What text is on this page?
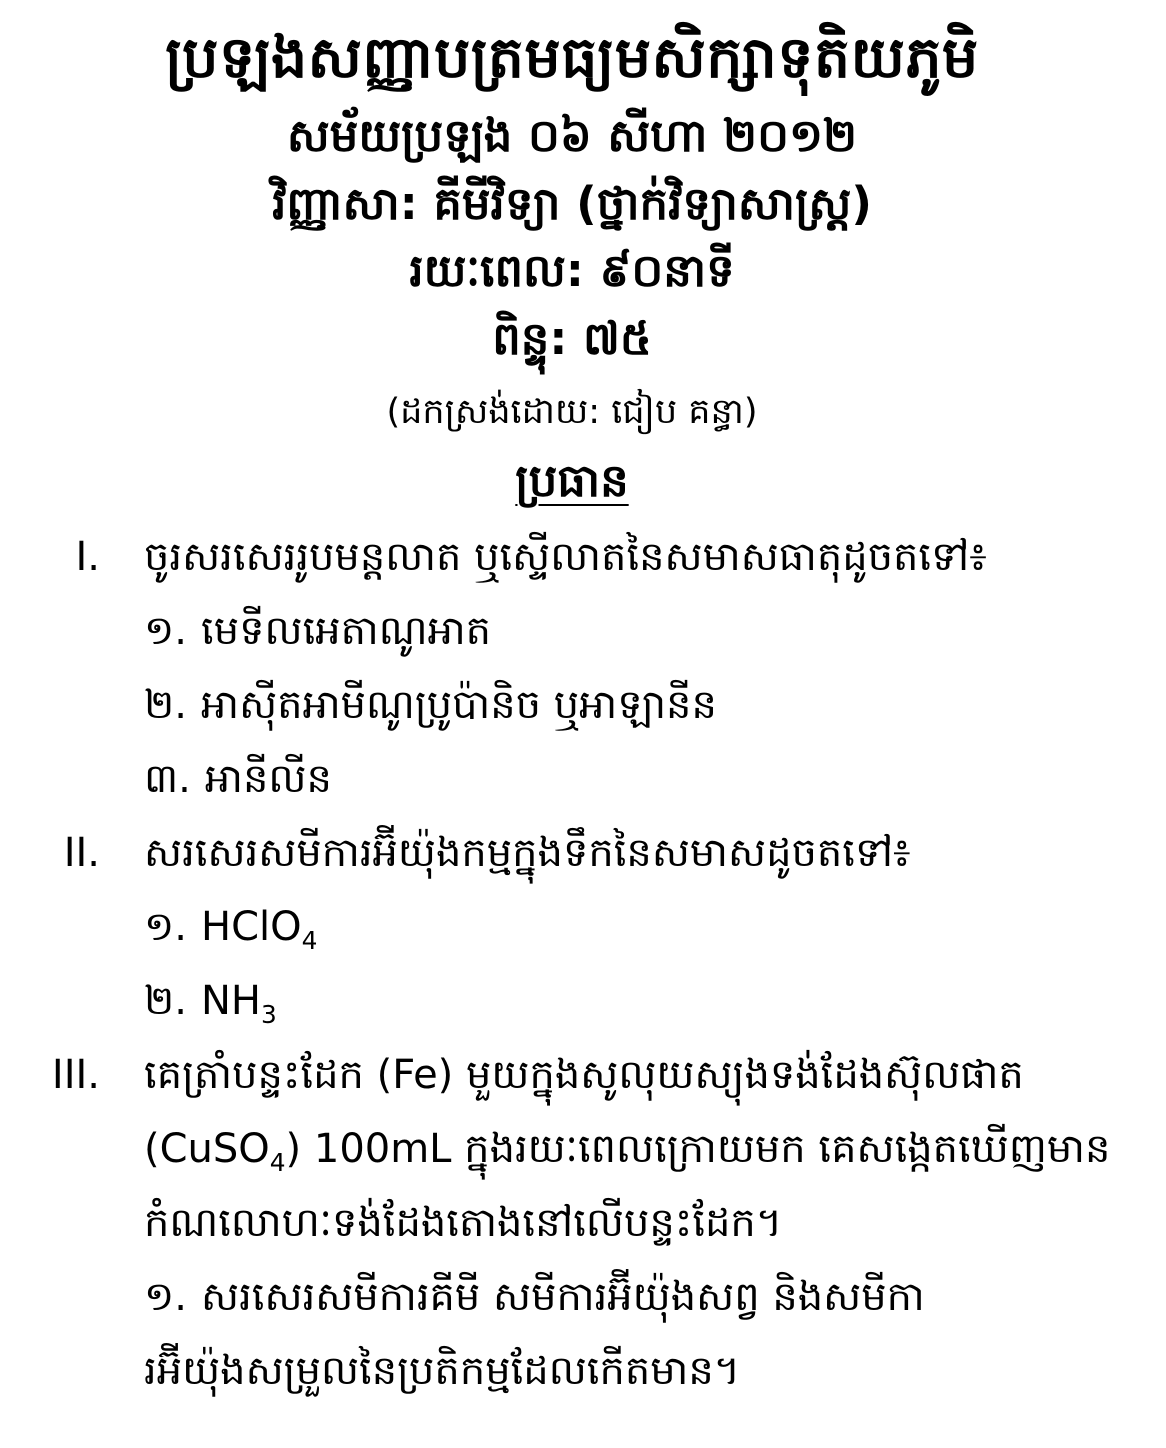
ប្រឡងសញ្ញាបត្រមធ្យមសិក្សាទុតិយភូមិ

សម័យប្រឡង ០៦ សីហា ២០១២

វិញ្ញាសា: គីមីវិទ្យា (ថ្នាក់វិទ្យាសាស្ត្រ)

រយៈពេល: ៩០នាទី

ពិន្ទុ: ៧៥

(ដកស្រង់ដោយ: ជៀប គន្ធា)

ប្រធាន
I. ចូរសរសេររូបមន្តលាត ឬស្ទើលាតនៃសមាសធាតុដូចតទៅ៖

១. មេទីលអេតាណូអាត

២. អាស៊ីតអាមីណូប្រូប៉ានិច ឬអាឡានីន

៣. អានីលីន

II. សរសេរសមីការអ៊ីយ៉ុងកម្មក្នុងទឹកនៃសមាសដូចតទៅ៖

១. HClO$_4$

២. $NH_3$

III. គេត្រាំបន្ទះដែក (Fe) មួយក្នុងសូលុយស្យុងទង់ដែងស៊ុលផាត (CuSO$_4$) 100mL ក្នុងរយៈពេលក្រោយមក គេសង្កេតឃើញមានកំណលោហៈទង់ដែងតោងនៅលើបន្ទះដែក។

១. សរសេរសមីការគីមី សមីការអ៊ីយ៉ុងសព្វ និងសមីការអ៊ីយ៉ុងសម្រួលនៃប្រតិកម្មដែលកើតមាន។
